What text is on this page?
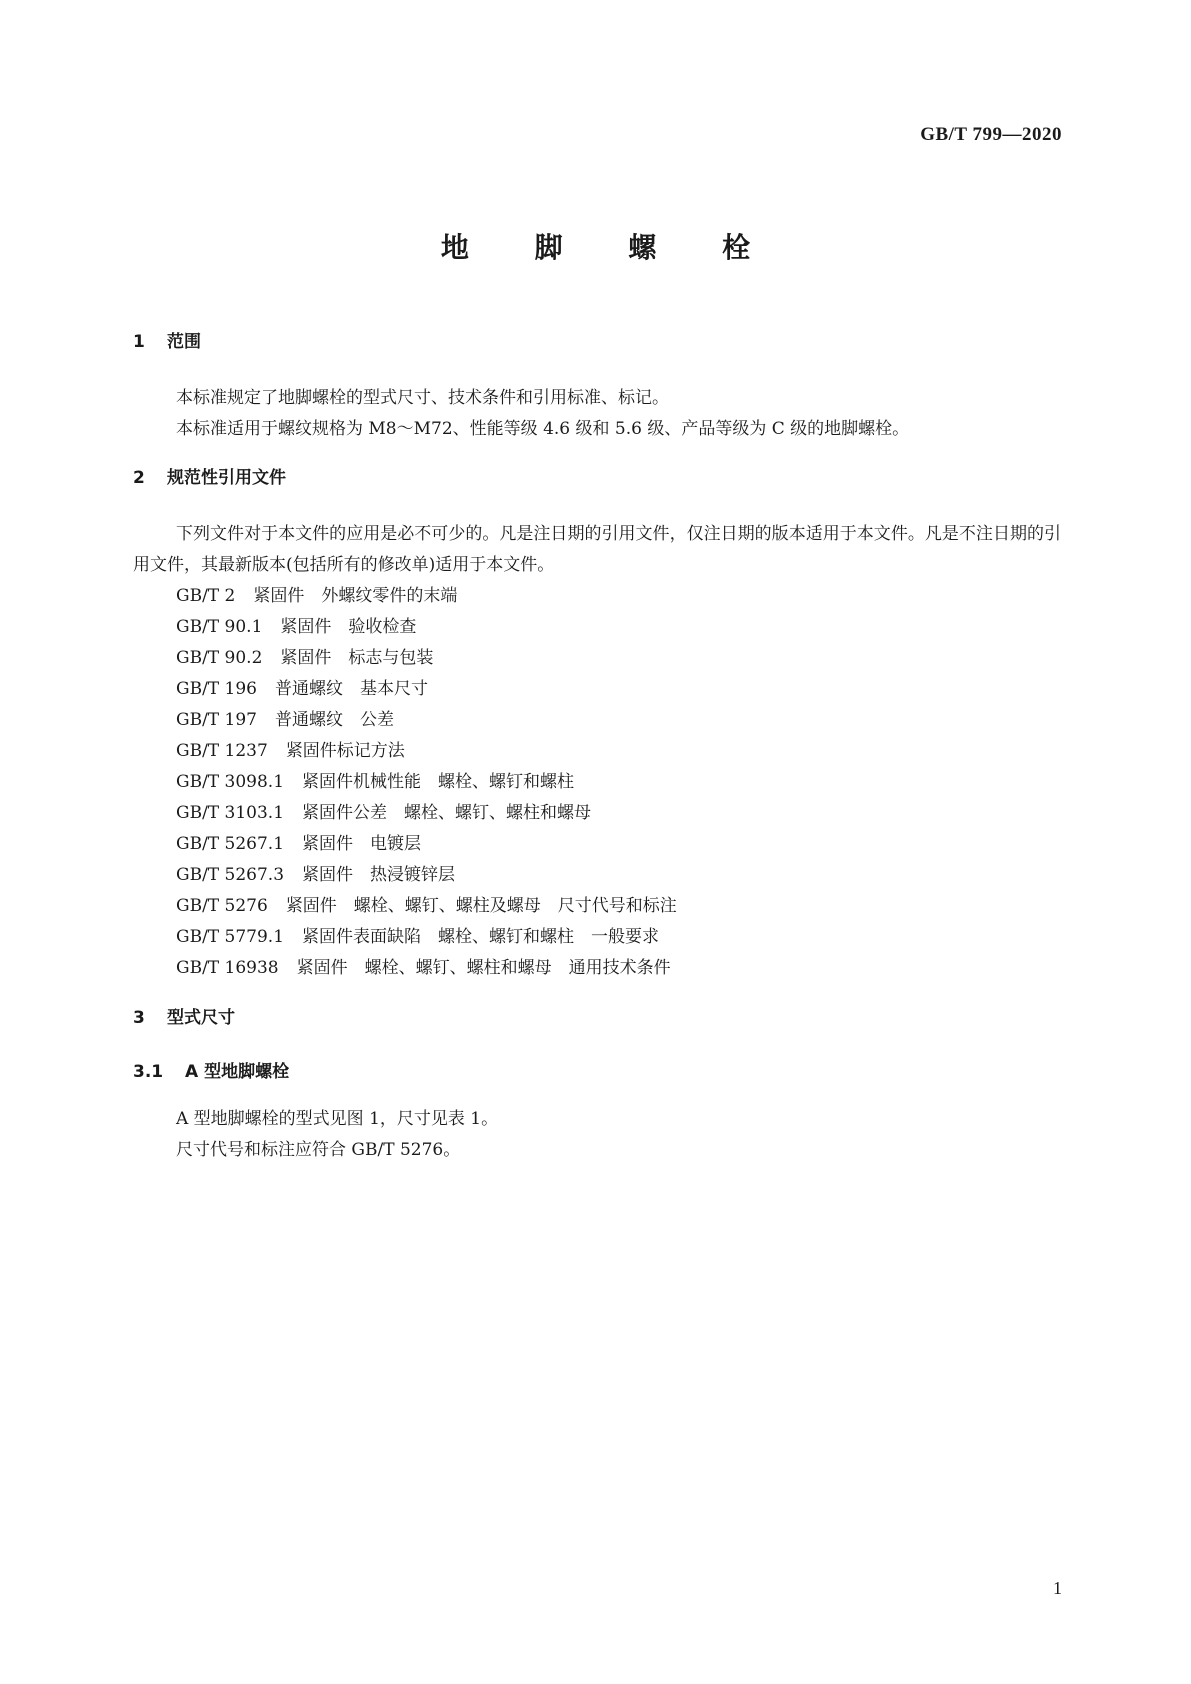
GB/T 799—2020
地 脚 螺 栓
1	范围

本标准规定了地脚螺栓的型式尺寸、技术条件和引用标准、标记。

本标准适用于螺纹规格为 M8～M72、性能等级 4.6 级和 5.6 级、产品等级为 C 级的地脚螺栓。

2	规范性引用文件

下列文件对于本文件的应用是必不可少的。凡是注日期的引用文件，仅注日期的版本适用于本文件。凡是不注日期的引用文件，其最新版本(包括所有的修改单)适用于本文件。

GB/T 2 紧固件　外螺纹零件的末端
GB/T 90.1 紧固件　验收检查
GB/T 90.2 紧固件　标志与包装
GB/T 196 普通螺纹　基本尺寸
GB/T 197 普通螺纹　公差
GB/T 1237 紧固件标记方法
GB/T 3098.1 紧固件机械性能　螺栓、螺钉和螺柱
GB/T 3103.1 紧固件公差　螺栓、螺钉、螺柱和螺母
GB/T 5267.1 紧固件　电镀层
GB/T 5267.3 紧固件　热浸镀锌层
GB/T 5276 紧固件　螺栓、螺钉、螺柱及螺母　尺寸代号和标注
GB/T 5779.1 紧固件表面缺陷　螺栓、螺钉和螺柱　一般要求
GB/T 16938 紧固件　螺栓、螺钉、螺柱和螺母　通用技术条件
3	型式尺寸
3.1	A 型地脚螺栓

A 型地脚螺栓的型式见图 1，尺寸见表 1。

尺寸代号和标注应符合 GB/T 5276。

1
